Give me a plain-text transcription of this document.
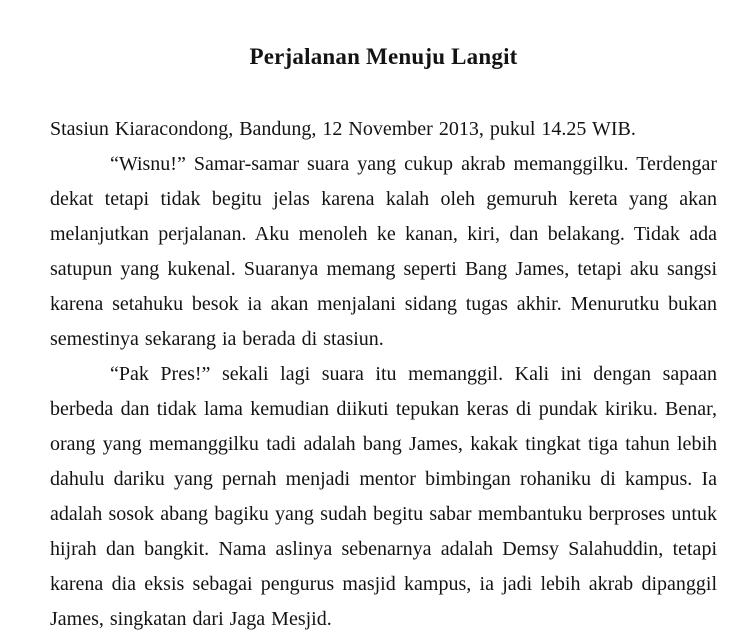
Perjalanan Menuju Langit
Stasiun Kiaracondong, Bandung, 12 November 2013, pukul 14.25 WIB.
“Wisnu!” Samar-samar suara yang cukup akrab memanggilku. Terdengar
dekat tetapi tidak begitu jelas karena kalah oleh gemuruh kereta yang akan
melanjutkan perjalanan. Aku menoleh ke kanan, kiri, dan belakang. Tidak ada
satupun yang kukenal. Suaranya memang seperti Bang James, tetapi aku sangsi
karena setahuku besok ia akan menjalani sidang tugas akhir. Menurutku bukan
semestinya sekarang ia berada di stasiun.
“Pak Pres!” sekali lagi suara itu memanggil. Kali ini dengan sapaan
berbeda dan tidak lama kemudian diikuti tepukan keras di pundak kiriku. Benar,
orang yang memanggilku tadi adalah bang James, kakak tingkat tiga tahun lebih
dahulu dariku yang pernah menjadi mentor bimbingan rohaniku di kampus. Ia
adalah sosok abang bagiku yang sudah begitu sabar membantuku berproses untuk
hijrah dan bangkit. Nama aslinya sebenarnya adalah Demsy Salahuddin, tetapi
karena dia eksis sebagai pengurus masjid kampus, ia jadi lebih akrab dipanggil
James, singkatan dari Jaga Mesjid.
